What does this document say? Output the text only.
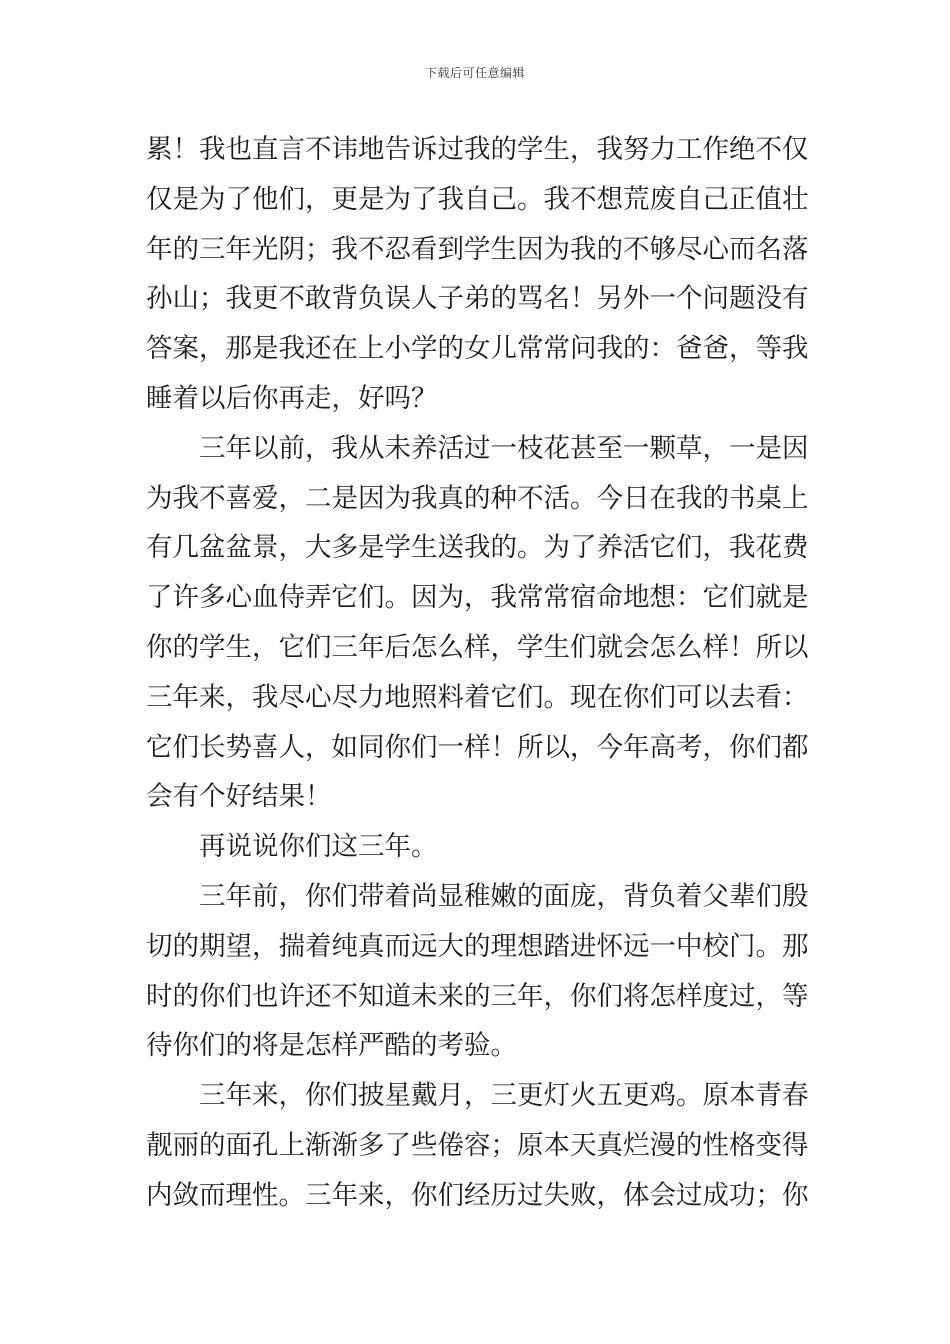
下载后可任意编辑
累！我也直言不讳地告诉过我的学生，我努力工作绝不仅
仅是为了他们，更是为了我自己。我不想荒废自己正值壮
年的三年光阴；我不忍看到学生因为我的不够尽心而名落
孙山；我更不敢背负误人子弟的骂名！另外一个问题没有
答案，那是我还在上小学的女儿常常问我的：爸爸，等我
睡着以后你再走，好吗？
三年以前，我从未养活过一枝花甚至一颗草，一是因
为我不喜爱，二是因为我真的种不活。今日在我的书桌上
有几盆盆景，大多是学生送我的。为了养活它们，我花费
了许多心血侍弄它们。因为，我常常宿命地想：它们就是
你的学生，它们三年后怎么样，学生们就会怎么样！所以
三年来，我尽心尽力地照料着它们。现在你们可以去看：
它们长势喜人，如同你们一样！所以，今年高考，你们都
会有个好结果！
再说说你们这三年。
三年前，你们带着尚显稚嫩的面庞，背负着父辈们殷
切的期望，揣着纯真而远大的理想踏进怀远一中校门。那
时的你们也许还不知道未来的三年，你们将怎样度过，等
待你们的将是怎样严酷的考验。
三年来，你们披星戴月，三更灯火五更鸡。原本青春
靓丽的面孔上渐渐多了些倦容；原本天真烂漫的性格变得
内敛而理性。三年来，你们经历过失败，体会过成功；你
